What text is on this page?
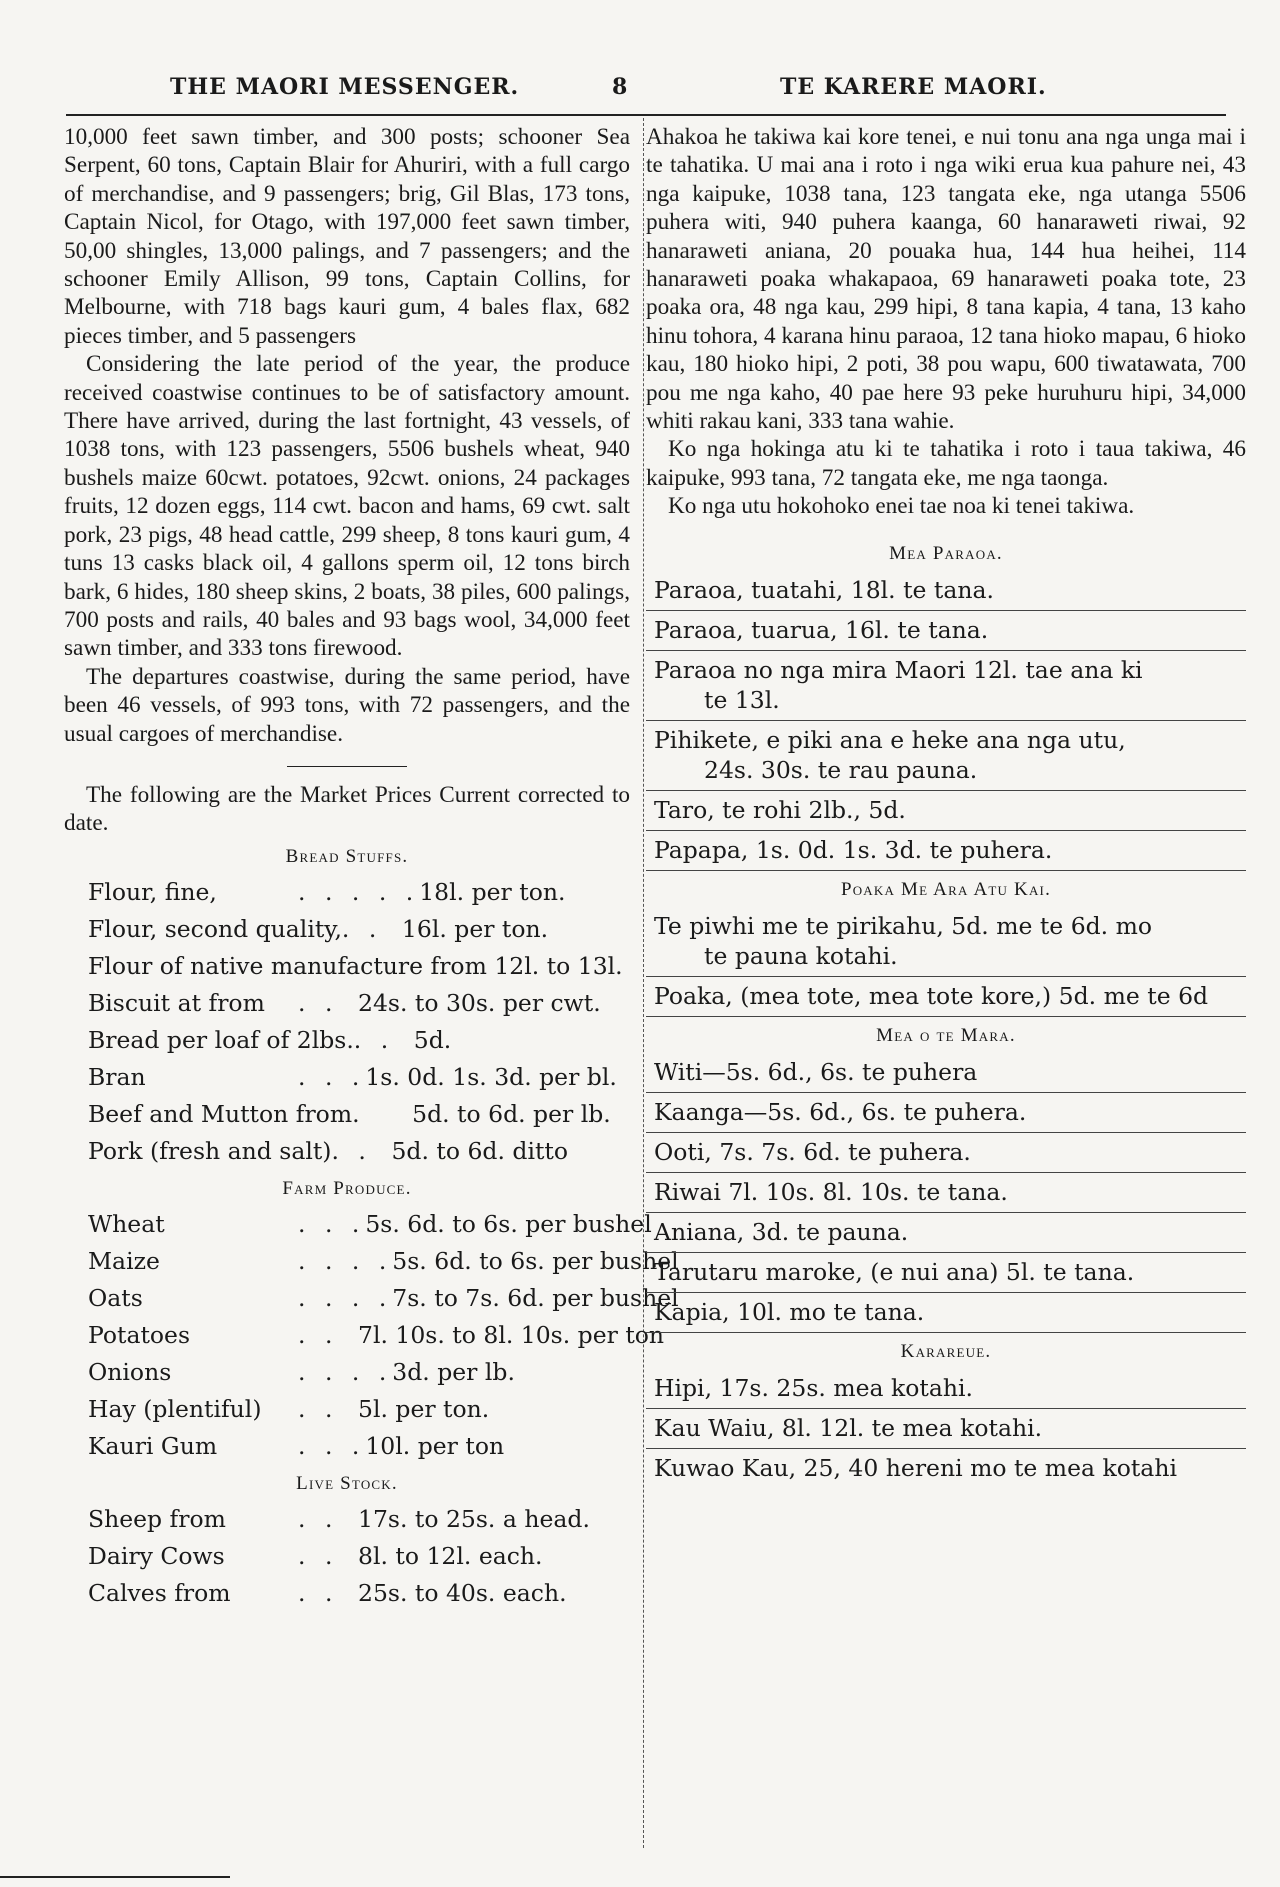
THE MAORI MESSENGER.	8	TE KARERE MAORI.

10,000 feet sawn timber, and 300 posts; schooner Sea Serpent, 60 tons, Captain Blair for Ahuriri, with a full cargo of merchandise, and 9 passengers; brig, Gil Blas, 173 tons, Captain Nicol, for Otago, with 197,000 feet sawn timber, 50,00 shingles, 13,000 palings, and 7 passengers; and the schooner Emily Allison, 99 tons, Captain Collins, for Melbourne, with 718 bags kauri gum, 4 bales flax, 682 pieces timber, and 5 passengers

Considering the late period of the year, the produce received coastwise continues to be of satisfactory amount. There have arrived, during the last fortnight, 43 vessels, of 1038 tons, with 123 passengers, 5506 bushels wheat, 940 bushels maize 60cwt. potatoes, 92cwt. onions, 24 packages fruits, 12 dozen eggs, 114 cwt. bacon and hams, 69 cwt. salt pork, 23 pigs, 48 head cattle, 299 sheep, 8 tons kauri gum, 4 tuns 13 casks black oil, 4 gallons sperm oil, 12 tons birch bark, 6 hides, 180 sheep skins, 2 boats, 38 piles, 600 palings, 700 posts and rails, 40 bales and 93 bags wool, 34,000 feet sawn timber, and 333 tons firewood.

The departures coastwise, during the same period, have been 46 vessels, of 993 tons, with 72 passengers, and the usual cargoes of merchandise.

The following are the Market Prices Current corrected to date.

Bread Stuffs.
Flour, fine,	. . . . .18l. per ton.
Flour, second quality,. . 16l. per ton.
Flour of native manufacture from 12l. to 13l.
Biscuit at from . . 24s. to 30s. per cwt.
Bread per loaf of 2lbs.. . 5d.
Bran	. . .1s. 0d. 1s. 3d. per bl.
Beef and Mutton from. 5d. to 6d. per lb.
Pork (fresh and salt). . 5d. to 6d. ditto
Farm Produce.
Wheat	. . .5s. 6d. to 6s. per bushel
Maize	. . . .5s. 6d. to 6s. per bushel
Oats	. . . .7s. to 7s. 6d. per bushel
Potatoes	. . 7l. 10s. to 8l. 10s. per ton
Onions	. . . .3d. per lb.
Hay (plentiful) . . 5l. per ton.
Kauri Gum	. . .10l. per ton
Live Stock.
Sheep from	. . 17s. to 25s. a head.
Dairy Cows	. . 8l. to 12l. each.
Calves from	. . 25s. to 40s. each.

Ahakoa he takiwa kai kore tenei, e nui tonu ana nga unga mai i te tahatika. U mai ana i roto i nga wiki erua kua pahure nei, 43 nga kaipuke, 1038 tana, 123 tangata eke, nga utanga 5506 puhera witi, 940 puhera kaanga, 60 hanaraweti riwai, 92 hanaraweti aniana, 20 pouaka hua, 144 hua heihei, 114 hanaraweti poaka whakapaoa, 69 hanaraweti poaka tote, 23 poaka ora, 48 nga kau, 299 hipi, 8 tana kapia, 4 tana, 13 kaho hinu tohora, 4 karana hinu paraoa, 12 tana hioko mapau, 6 hioko kau, 180 hioko hipi, 2 poti, 38 pou wapu, 600 tiwatawata, 700 pou me nga kaho, 40 pae here 93 peke huruhuru hipi, 34,000 whiti rakau kani, 333 tana wahie.

Ko nga hokinga atu ki te tahatika i roto i taua takiwa, 46 kaipuke, 993 tana, 72 tangata eke, me nga taonga.

Ko nga utu hokohoko enei tae noa ki tenei takiwa.

Mea Paraoa.
Paraoa, tuatahi, 18l. te tana.
Paraoa, tuarua, 16l. te tana.
Paraoa no nga mira Maori 12l. tae ana ki
te 13l.
Pihikete, e piki ana e heke ana nga utu,
24s. 30s. te rau pauna.
Taro, te rohi 2lb., 5d.
Papapa, 1s. 0d. 1s. 3d. te puhera.
Poaka Me Ara Atu Kai.
Te piwhi me te pirikahu, 5d. me te 6d. mo
te pauna kotahi.
Poaka, (mea tote, mea tote kore,) 5d. me te 6d
Mea o te Mara.
Witi—5s. 6d., 6s. te puhera
Kaanga—5s. 6d., 6s. te puhera.
Ooti, 7s. 7s. 6d. te puhera.
Riwai 7l. 10s. 8l. 10s. te tana.
Aniana, 3d. te pauna.
Tarutaru maroke, (e nui ana) 5l. te tana.
Kapia, 10l. mo te tana.
Karareue.
Hipi, 17s. 25s. mea kotahi.
Kau Waiu, 8l. 12l. te mea kotahi.
Kuwao Kau, 25, 40 hereni mo te mea kotahi
